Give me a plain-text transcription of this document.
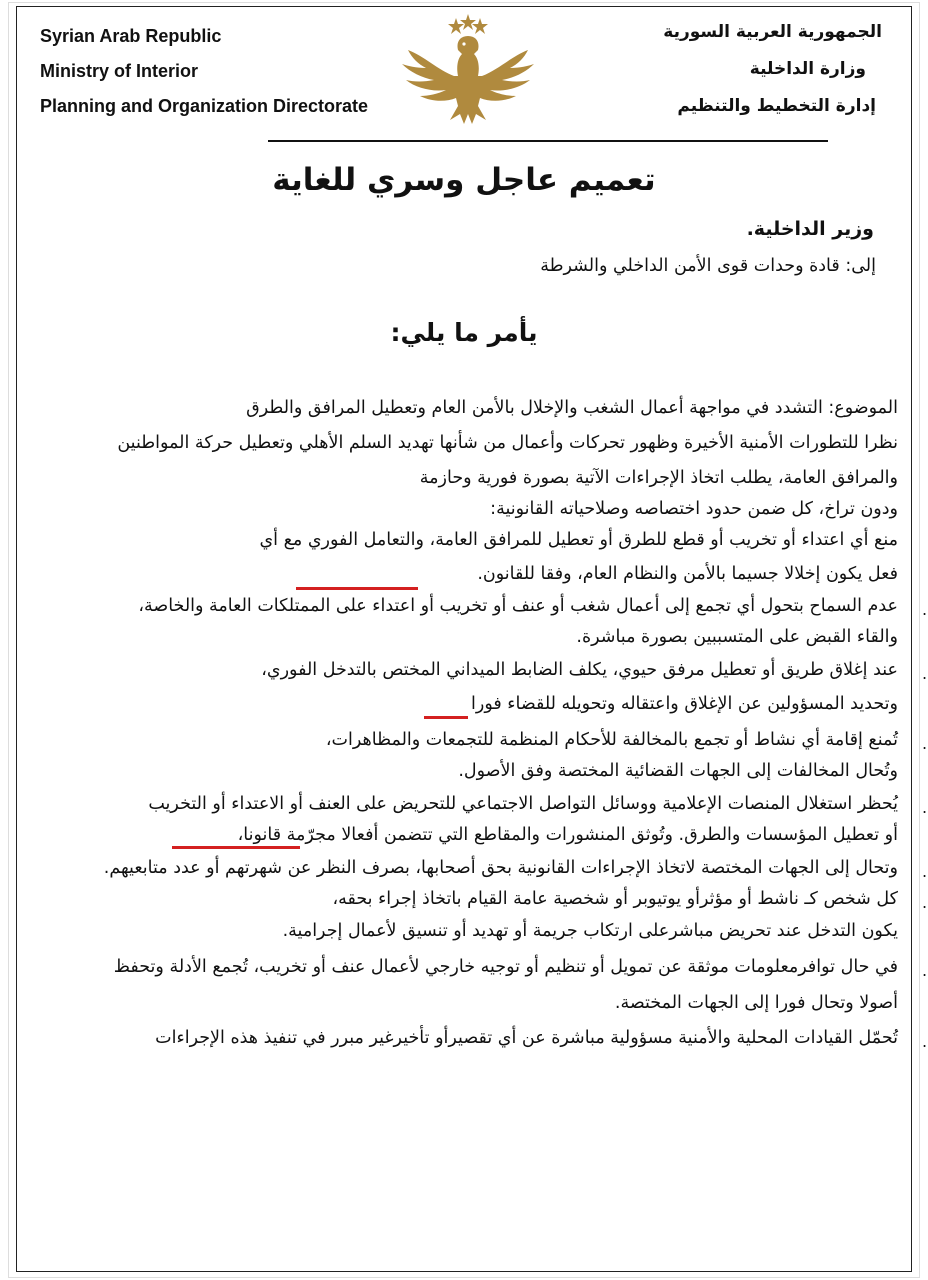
Syrian Arab Republic
Ministry of Interior
Planning and Organization Directorate
الجمهورية العربية السورية
وزارة الداخلية
إدارة التخطيط والتنظيم
تعميم عاجل وسري للغاية
وزير الداخلية.
إلى: قادة وحدات قوى الأمن الداخلي والشرطة
يأمر ما يلي:
الموضوع: التشدد في مواجهة أعمال الشغب والإخلال بالأمن العام وتعطيل المرافق والطرق
نظرا للتطورات الأمنية الأخيرة وظهور تحركات وأعمال من شأنها تهديد السلم الأهلي وتعطيل حركة المواطنين
والمرافق العامة، يطلب اتخاذ الإجراءات الآتية بصورة فورية وحازمة
ودون تراخ، كل ضمن حدود اختصاصه وصلاحياته القانونية:
منع أي اعتداء أو تخريب أو قطع للطرق أو تعطيل للمرافق العامة، والتعامل الفوري مع أي
فعل يكون إخلالا جسيما بالأمن والنظام العام، وفقا للقانون.
.
عدم السماح بتحول أي تجمع إلى أعمال شغب أو عنف أو تخريب أو اعتداء على الممتلكات العامة والخاصة،
والقاء القبض على المتسببين بصورة مباشرة.
.
عند إغلاق طريق أو تعطيل مرفق حيوي، يكلف الضابط الميداني المختص بالتدخل الفوري،
وتحديد المسؤولين عن الإغلاق واعتقاله وتحويله للقضاء فورا
.
تُمنع إقامة أي نشاط أو تجمع بالمخالفة للأحكام المنظمة للتجمعات والمظاهرات،
وتُحال المخالفات إلى الجهات القضائية المختصة وفق الأصول.
.
يُحظر استغلال المنصات الإعلامية ووسائل التواصل الاجتماعي للتحريض على العنف أو الاعتداء أو التخريب
أو تعطيل المؤسسات والطرق. وتُوثق المنشورات والمقاطع التي تتضمن أفعالا مجرّمة قانونا،
.
وتحال إلى الجهات المختصة لاتخاذ الإجراءات القانونية بحق أصحابها، بصرف النظر عن شهرتهم أو عدد متابعيهم.
.
كل شخص كـ ناشط أو مؤثرأو يوتيوبر أو شخصية عامة القيام باتخاذ إجراء بحقه،
يكون التدخل عند تحريض مباشرعلى ارتكاب جريمة أو تهديد أو تنسيق لأعمال إجرامية.
.
في حال توافرمعلومات موثقة عن تمويل أو تنظيم أو توجيه خارجي لأعمال عنف أو تخريب، تُجمع الأدلة وتحفظ
أصولا وتحال فورا إلى الجهات المختصة.
.
تُحمّل القيادات المحلية والأمنية مسؤولية مباشرة عن أي تقصيرأو تأخيرغير مبرر في تنفيذ هذه الإجراءات
